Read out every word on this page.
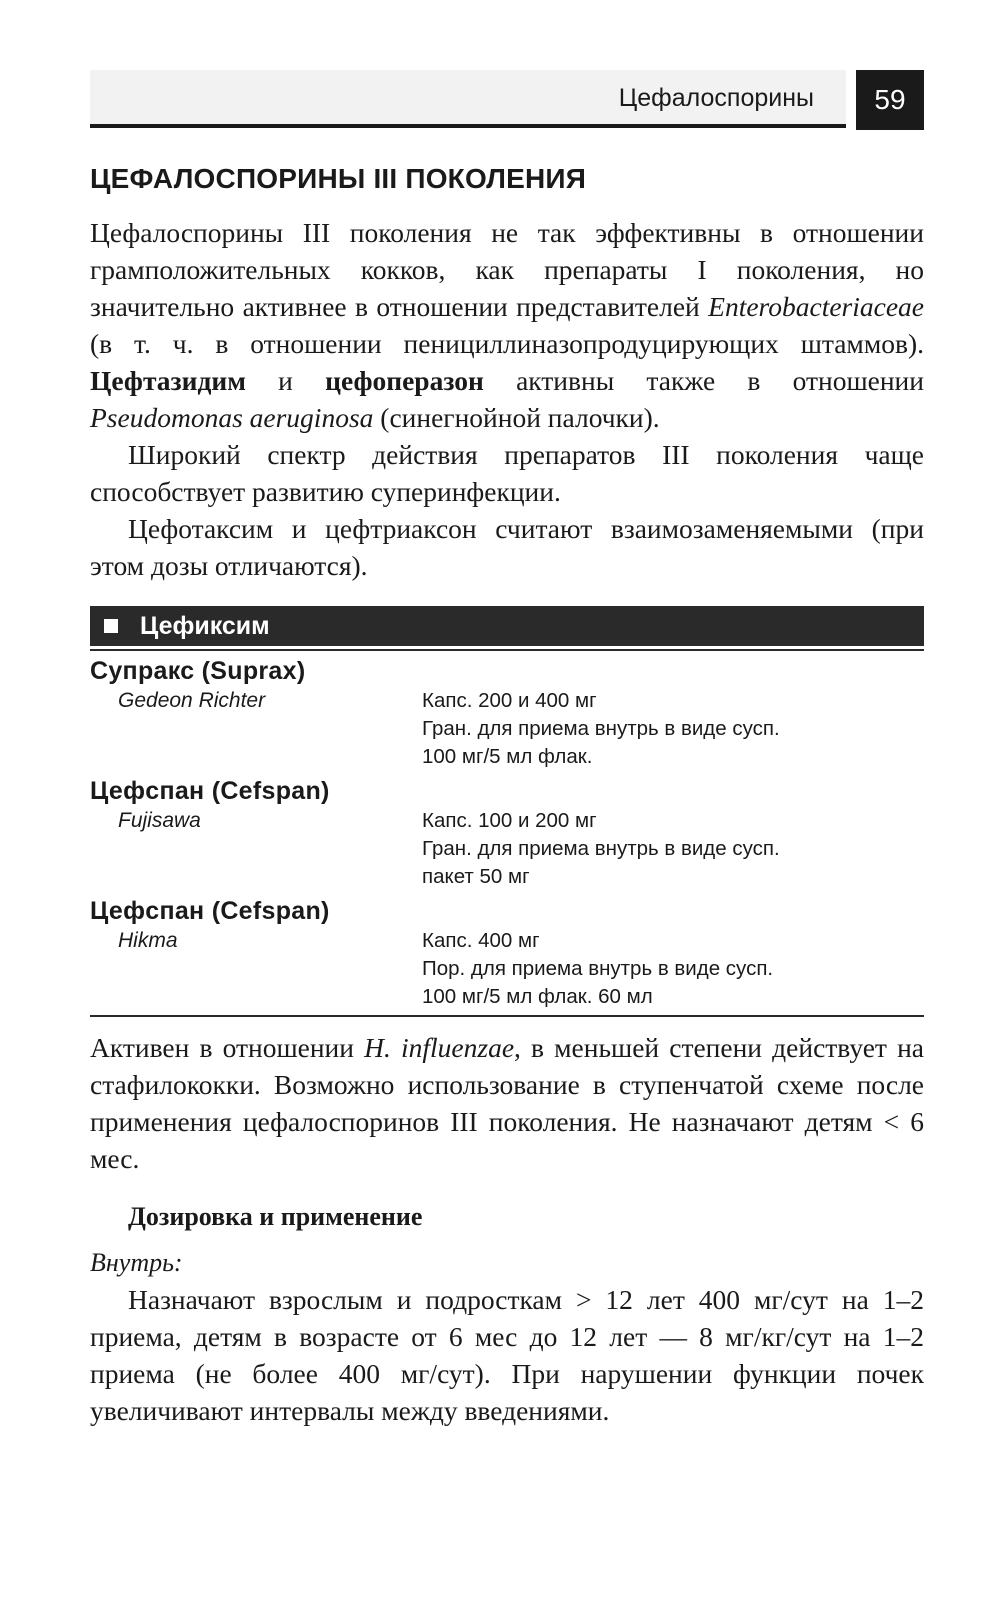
Цефалоспорины	59
ЦЕФАЛОСПОРИНЫ III ПОКОЛЕНИЯ

Цефалоспорины III поколения не так эффективны в отношении грамположительных кокков, как препараты I поколения, но значительно активнее в отношении представителей Enterobacteriaceae (в т. ч. в отношении пенициллиназопродуцирующих штаммов). Цефтазидим и цефоперазон активны также в отношении Pseudomonas aeruginosa (синегнойной палочки).

Широкий спектр действия препаратов III поколения чаще способствует развитию суперинфекции.

Цефотаксим и цефтриаксон считают взаимозаменяемыми (при этом дозы отличаются).

Цефиксим
Супракс (Suprax)
Gedeon Richter	Капс. 200 и 400 мг
Гран. для приема внутрь в виде сусп.
100 мг/5 мл флак.
Цефспан (Cefspan)
Fujisawa	Капс. 100 и 200 мг
Гран. для приема внутрь в виде сусп.
пакет 50 мг
Цефспан (Cefspan)
Hikma	Капс. 400 мг
Пор. для приема внутрь в виде сусп.
100 мг/5 мл флак. 60 мл

Активен в отношении H. influenzae, в меньшей степени действует на стафилококки. Возможно использование в ступенчатой схеме после применения цефалоспоринов III поколения. Не назначают детям < 6 мес.

Дозировка и применение

Внутрь:

Назначают взрослым и подросткам > 12 лет 400 мг/сут на 1–2 приема, детям в возрасте от 6 мес до 12 лет — 8 мг/кг/сут на 1–2 приема (не более 400 мг/сут). При нарушении функции почек увеличивают интервалы между введениями.
